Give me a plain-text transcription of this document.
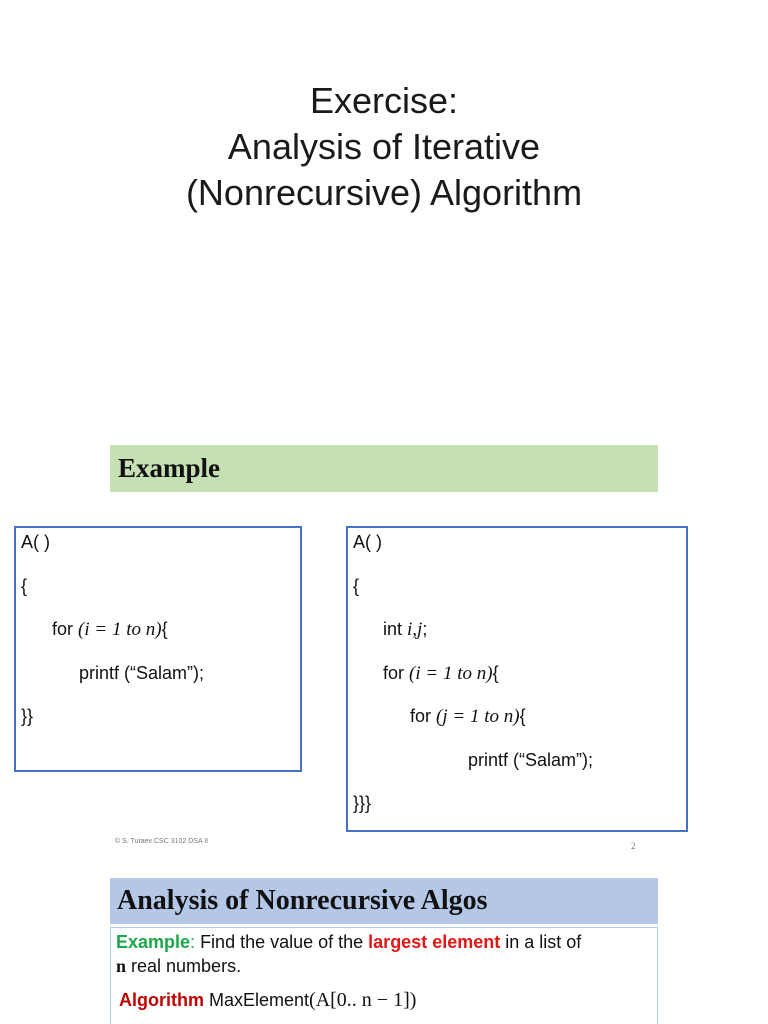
Exercise:
Analysis of Iterative
(Nonrecursive) Algorithm
Example
A( )
{
for (i = 1 to n){
printf (“Salam”);
}}
A( )
{
int i,j;
for (i = 1 to n){
for (j = 1 to n){
printf (“Salam”);
}}}
© S. Turaev CSC 3102 DSA II	2
Analysis of Nonrecursive Algos
Example: Find the value of the largest element in a list of
n real numbers.
Algorithm MaxElement(A[0.. n − 1])
